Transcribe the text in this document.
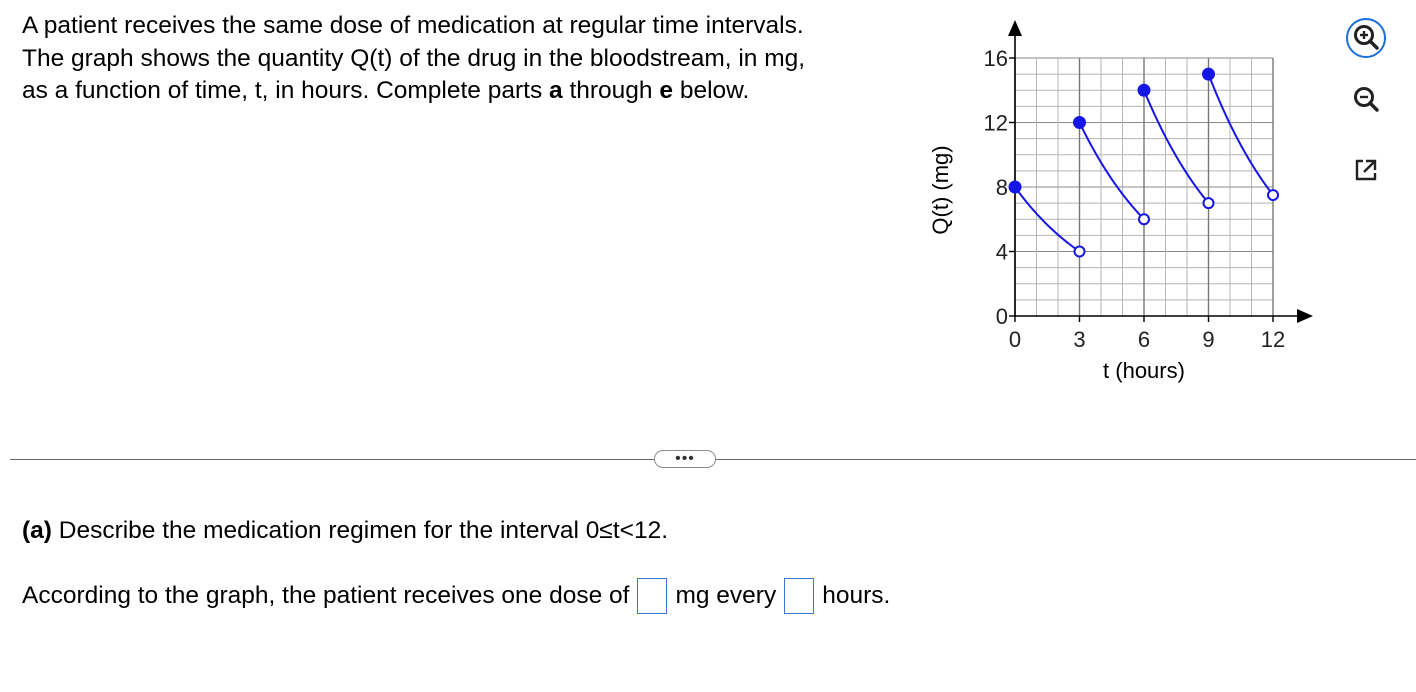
A patient receives the same dose of medication at regular time intervals.
The graph shows the quantity Q(t) of the drug in the bloodstream, in mg,
as a function of time, t, in hours. Complete parts a through e below.

0
4
8
12
16
0 3 6 9 12
t (hours)
Q(t) (mg)
•••

(a) Describe the medication regimen for the interval 0≤t<12.

According to the graph, the patient receives one dose of mg every hours.
